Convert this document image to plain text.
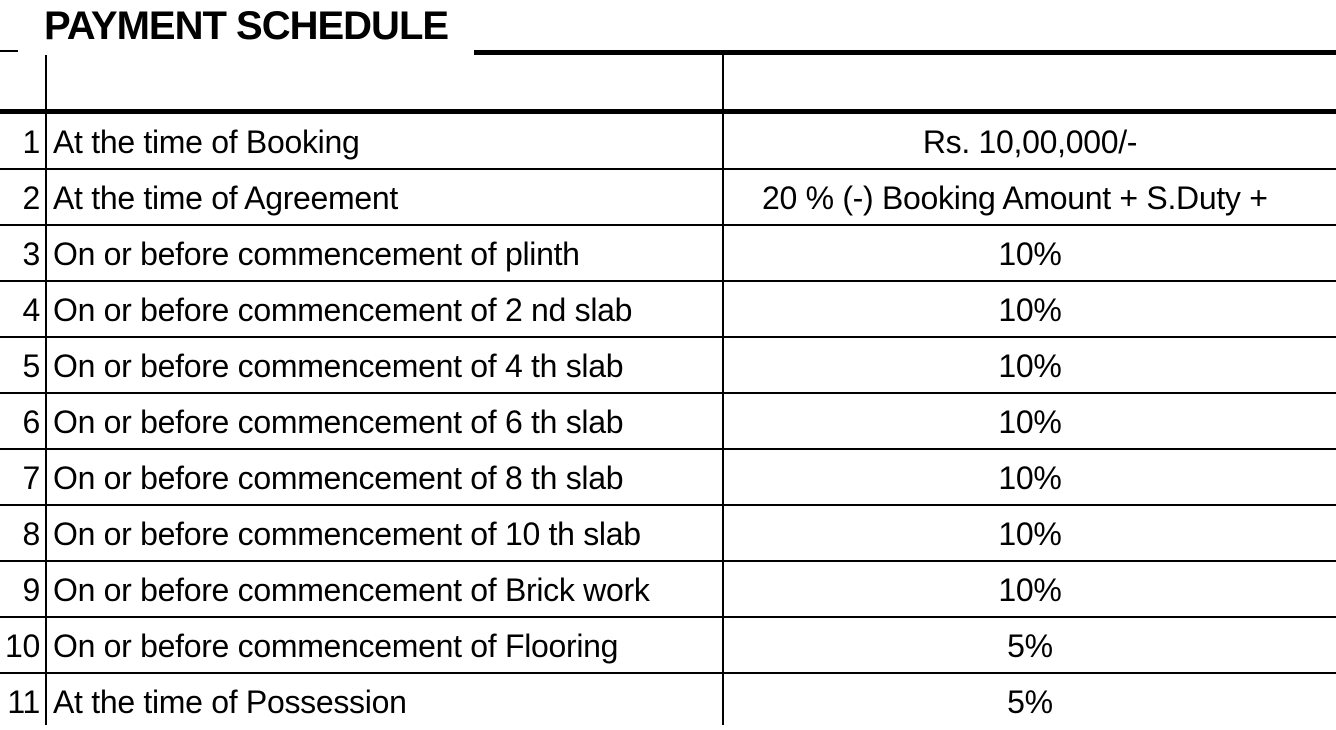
PAYMENT SCHEDULE
1 At the time of Booking	Rs. 10,00,000/-
2 At the time of Agreement	20 % (-) Booking Amount + S.Duty +
3 On or before commencement of plinth	10%
4 On or before commencement of 2 nd slab	10%
5 On or before commencement of 4 th slab	10%
6 On or before commencement of 6 th slab	10%
7 On or before commencement of 8 th slab	10%
8 On or before commencement of 10 th slab	10%
9 On or before commencement of Brick work	10%
10 On or before commencement of Flooring	5%
11 At the time of Possession	5%
